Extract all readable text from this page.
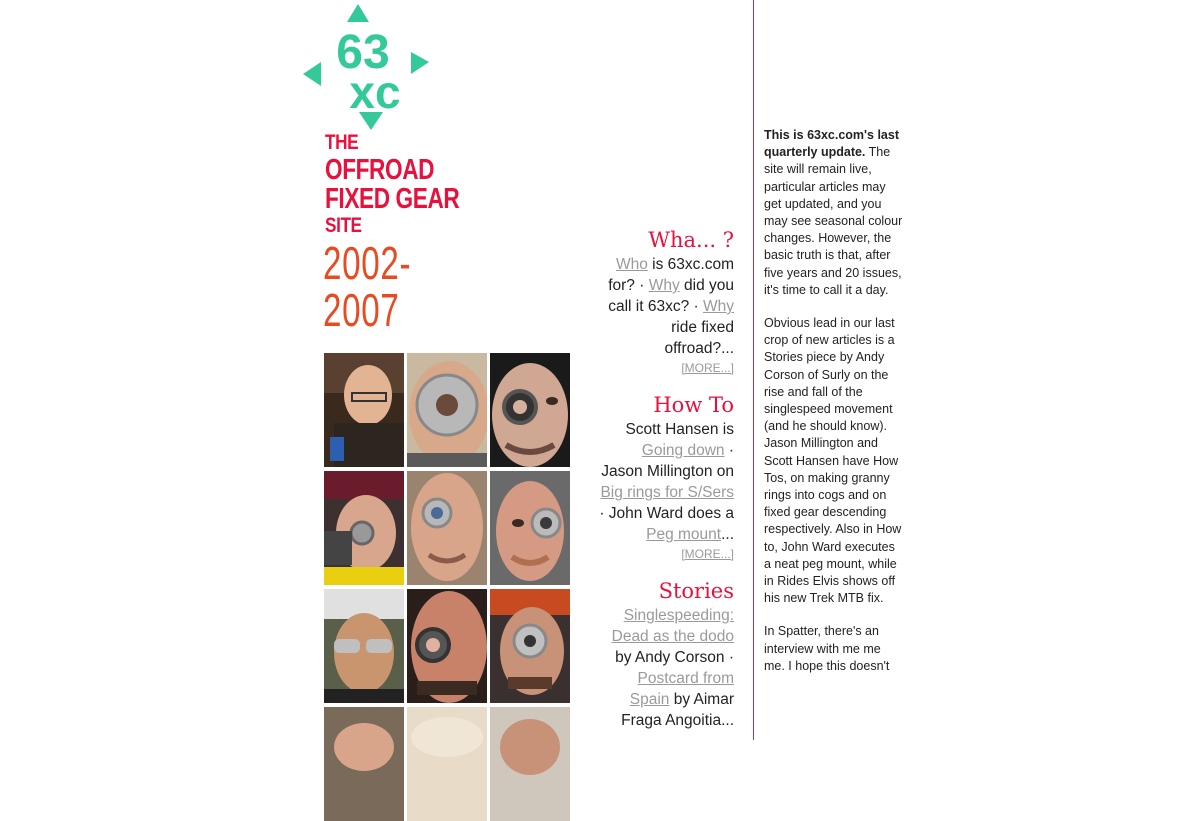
63
xc
THE
OFFROAD
FIXED GEAR
SITE
2002-
2007
Wha... ?

Who is 63xc.com for? · Why did you call it 63xc? · Why ride fixed offroad?...

[MORE...]
How To

Scott Hansen is Going down · Jason Millington on Big rings for S/Sers · John Ward does a Peg mount...

[MORE...]
Stories

Singlespeeding: Dead as the dodo by Andy Corson · Postcard from Spain by Aimar Fraga Angoitia...

This is 63xc.com's last quarterly update. The site will remain live, particular articles may get updated, and you may see seasonal colour changes. However, the basic truth is that, after five years and 20 issues, it's time to call it a day.

Obvious lead in our last crop of new articles is a Stories piece by Andy Corson of Surly on the rise and fall of the singlespeed movement (and he should know). Jason Millington and Scott Hansen have How Tos, on making granny rings into cogs and on fixed gear descending respectively. Also in How to, John Ward executes a neat peg mount, while in Rides Elvis shows off his new Trek MTB fix.

In Spatter, there's an interview with me me me. I hope this doesn't
